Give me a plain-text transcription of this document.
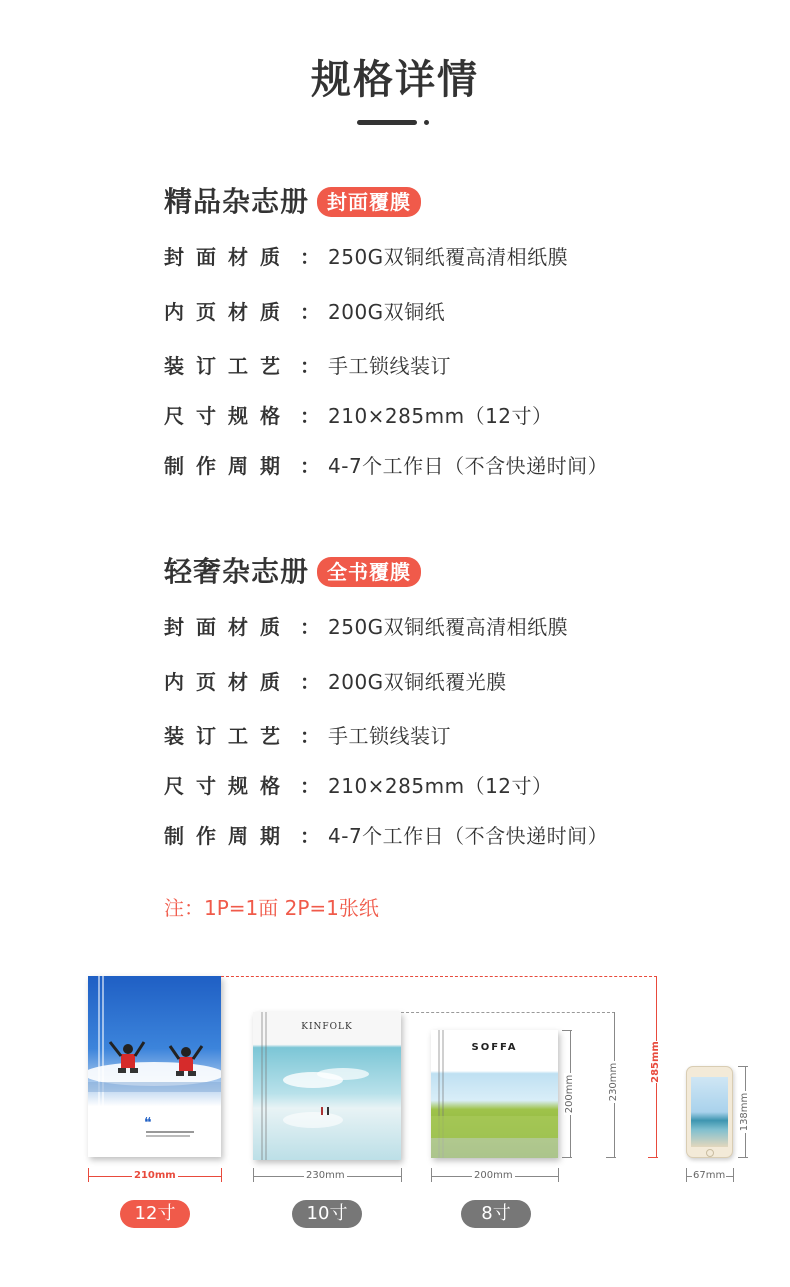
规格详情
精品杂志册 封面覆膜
封面材质 ： 250G双铜纸覆高清相纸膜
内页材质 ： 200G双铜纸
装订工艺 ： 手工锁线装订
尺寸规格 ： 210×285mm（12寸）
制作周期 ： 4-7个工作日（不含快递时间）
轻奢杂志册 全书覆膜
封面材质 ： 250G双铜纸覆高清相纸膜
内页材质 ： 200G双铜纸覆光膜
装订工艺 ： 手工锁线装订
尺寸规格 ： 210×285mm（12寸）
制作周期 ： 4-7个工作日（不含快递时间）
注：1P=1面 2P=1张纸
❝
210mm
285mm
12寸
KINFOLK
230mm
230mm
10寸
SOFFA
200mm
200mm
8寸
67mm
138mm
